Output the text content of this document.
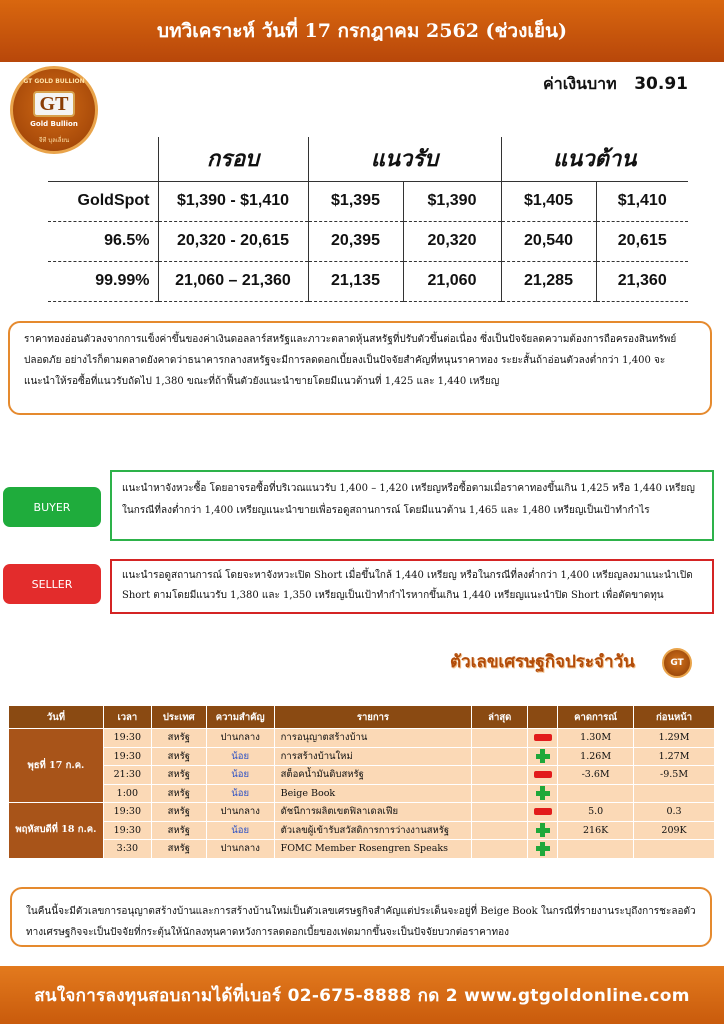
บทวิเคราะห์ วันที่ 17 กรกฎาคม 2562 (ช่วงเย็น)
GT GOLD BULLION
GT
Gold Bullion
จีที บุลเลี่ยน
ค่าเงินบาท 30.91
	กรอบ	แนวรับ		แนวต้าน	
GoldSpot	$1,390 - $1,410	$1,395	$1,390	$1,405	$1,410
96.5%	20,320 - 20,615	20,395	20,320	20,540	20,615
99.99%	21,060 – 21,360	21,135	21,060	21,285	21,360
ราคาทองอ่อนตัวลงจากการแข็งค่าขึ้นของค่าเงินดอลลาร์สหรัฐและภาวะตลาดหุ้นสหรัฐที่ปรับตัวขึ้นต่อเนื่อง ซึ่งเป็นปัจจัยลดความต้องการถือครองสินทรัพย์ปลอดภัย อย่างไรก็ตามตลาดยังคาดว่าธนาคารกลางสหรัฐจะมีการลดดอกเบี้ยลงเป็นปัจจัยสำคัญที่หนุนราคาทอง ระยะสั้นถ้าอ่อนตัวลงต่ำกว่า 1,400 จะแนะนำให้รอซื้อที่แนวรับถัดไป 1,380 ขณะที่ถ้าฟื้นตัวยังแนะนำขายโดยมีแนวต้านที่ 1,425 และ 1,440 เหรียญ
BUYER
แนะนำหาจังหวะซื้อ โดยอาจรอซื้อที่บริเวณแนวรับ 1,400 – 1,420 เหรียญหรือซื้อตามเมื่อราคาทองขึ้นเกิน 1,425 หรือ 1,440 เหรียญ ในกรณีที่ลงต่ำกว่า 1,400 เหรียญแนะนำขายเพื่อรอดูสถานการณ์ โดยมีแนวต้าน 1,465 และ 1,480 เหรียญเป็นเป้าทำกำไร
SELLER
แนะนำรอดูสถานการณ์ โดยจะหาจังหวะเปิด Short เมื่อขึ้นใกล้ 1,440 เหรียญ หรือในกรณีที่ลงต่ำกว่า 1,400 เหรียญลงมาแนะนำเปิด Short ตามโดยมีแนวรับ 1,380 และ 1,350 เหรียญเป็นเป้าทำกำไรหากขึ้นเกิน 1,440 เหรียญแนะนำปิด Short เพื่อตัดขาดทุน
ตัวเลขเศรษฐกิจประจำวัน	GT
วันที่	เวลา	ประเทศ	ความสำคัญ	รายการ	ล่าสุด		คาดการณ์	ก่อนหน้า
พุธที่ 17 ก.ค.	19:30	สหรัฐ	ปานกลาง	การอนุญาตสร้างบ้าน			1.30M	1.29M
	19:30	สหรัฐ	น้อย	การสร้างบ้านใหม่			1.26M	1.27M
	21:30	สหรัฐ	น้อย	สต็อคน้ำมันดิบสหรัฐ			-3.6M	-9.5M
	1:00	สหรัฐ	น้อย	Beige Book				
พฤหัสบดีที่ 18 ก.ค.	19:30	สหรัฐ	ปานกลาง	ดัชนีการผลิตเขตฟิลาเดลเฟีย			5.0	0.3
	19:30	สหรัฐ	น้อย	ตัวเลขผู้เข้ารับสวัสดิการการว่างงานสหรัฐ			216K	209K
	3:30	สหรัฐ	ปานกลาง	FOMC Member Rosengren Speaks				
ในคืนนี้จะมีตัวเลขการอนุญาตสร้างบ้านและการสร้างบ้านใหม่เป็นตัวเลขเศรษฐกิจสำคัญแต่ประเด็นจะอยู่ที่ Beige Book ในกรณีที่รายงานระบุถึงการชะลอตัวทางเศรษฐกิจจะเป็นปัจจัยที่กระตุ้นให้นักลงทุนคาดหวังการลดดอกเบี้ยของเฟดมากขึ้นจะเป็นปัจจัยบวกต่อราคาทอง
สนใจการลงทุนสอบถามได้ที่เบอร์ 02-675-8888 กด 2 www.gtgoldonline.com
